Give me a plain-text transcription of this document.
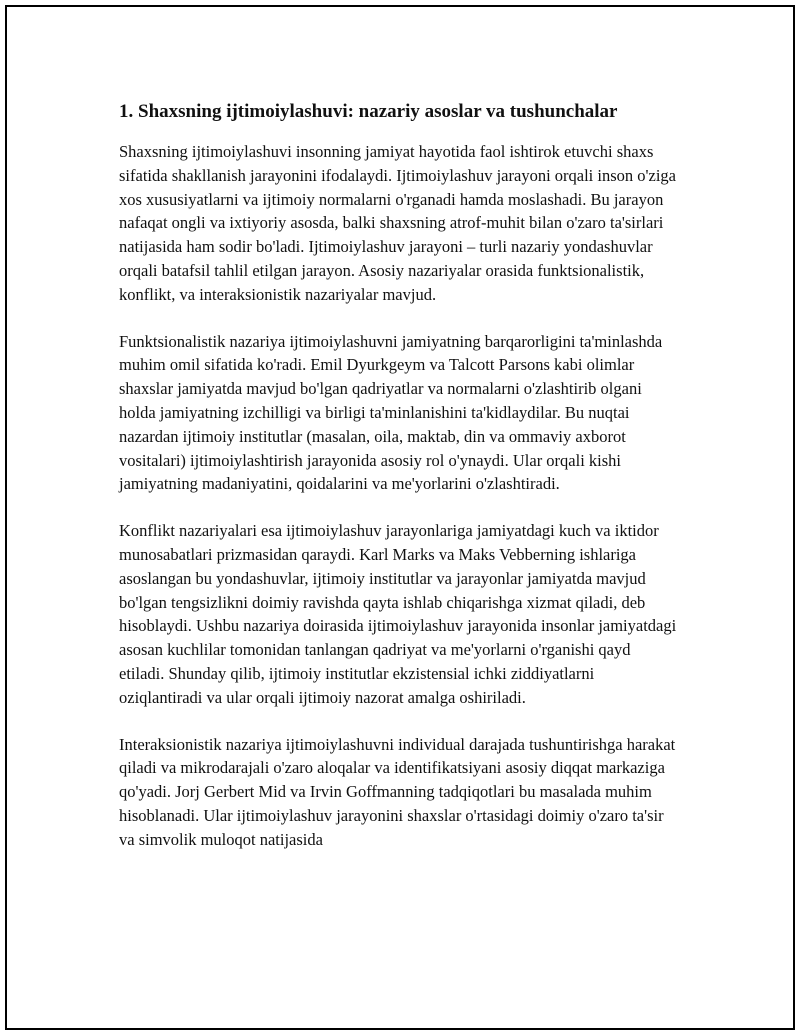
1. Shaxsning ijtimoiylashuvi: nazariy asoslar va tushunchalar

Shaxsning ijtimoiylashuvi insonning jamiyat hayotida faol ishtirok etuvchi shaxs sifatida shakllanish jarayonini ifodalaydi. Ijtimoiylashuv jarayoni orqali inson o'ziga xos xususiyatlarni va ijtimoiy normalarni o'rganadi hamda moslashadi. Bu jarayon nafaqat ongli va ixtiyoriy asosda, balki shaxsning atrof-muhit bilan o'zaro ta'sirlari natijasida ham sodir bo'ladi. Ijtimoiylashuv jarayoni – turli nazariy yondashuvlar orqali batafsil tahlil etilgan jarayon. Asosiy nazariyalar orasida funktsionalistik, konflikt, va interaksionistik nazariyalar mavjud.

Funktsionalistik nazariya ijtimoiylashuvni jamiyatning barqarorligini ta'minlashda muhim omil sifatida ko'radi. Emil Dyurkgeym va Talcott Parsons kabi olimlar shaxslar jamiyatda mavjud bo'lgan qadriyatlar va normalarni o'zlashtirib olgani holda jamiyatning izchilligi va birligi ta'minlanishini ta'kidlaydilar. Bu nuqtai nazardan ijtimoiy institutlar (masalan, oila, maktab, din va ommaviy axborot vositalari) ijtimoiylashtirish jarayonida asosiy rol o'ynaydi. Ular orqali kishi jamiyatning madaniyatini, qoidalarini va me'yorlarini o'zlashtiradi.

Konflikt nazariyalari esa ijtimoiylashuv jarayonlariga jamiyatdagi kuch va iktidor munosabatlari prizmasidan qaraydi. Karl Marks va Maks Vebberning ishlariga asoslangan bu yondashuvlar, ijtimoiy institutlar va jarayonlar jamiyatda mavjud bo'lgan tengsizlikni doimiy ravishda qayta ishlab chiqarishga xizmat qiladi, deb hisoblaydi. Ushbu nazariya doirasida ijtimoiylashuv jarayonida insonlar jamiyatdagi asosan kuchlilar tomonidan tanlangan qadriyat va me'yorlarni o'rganishi qayd etiladi. Shunday qilib, ijtimoiy institutlar ekzistensial ichki ziddiyatlarni oziqlantiradi va ular orqali ijtimoiy nazorat amalga oshiriladi.

Interaksionistik nazariya ijtimoiylashuvni individual darajada tushuntirishga harakat qiladi va mikrodarajali o'zaro aloqalar va identifikatsiyani asosiy diqqat markaziga qo'yadi. Jorj Gerbert Mid va Irvin Goffmanning tadqiqotlari bu masalada muhim hisoblanadi. Ular ijtimoiylashuv jarayonini shaxslar o'rtasidagi doimiy o'zaro ta'sir va simvolik muloqot natijasida
